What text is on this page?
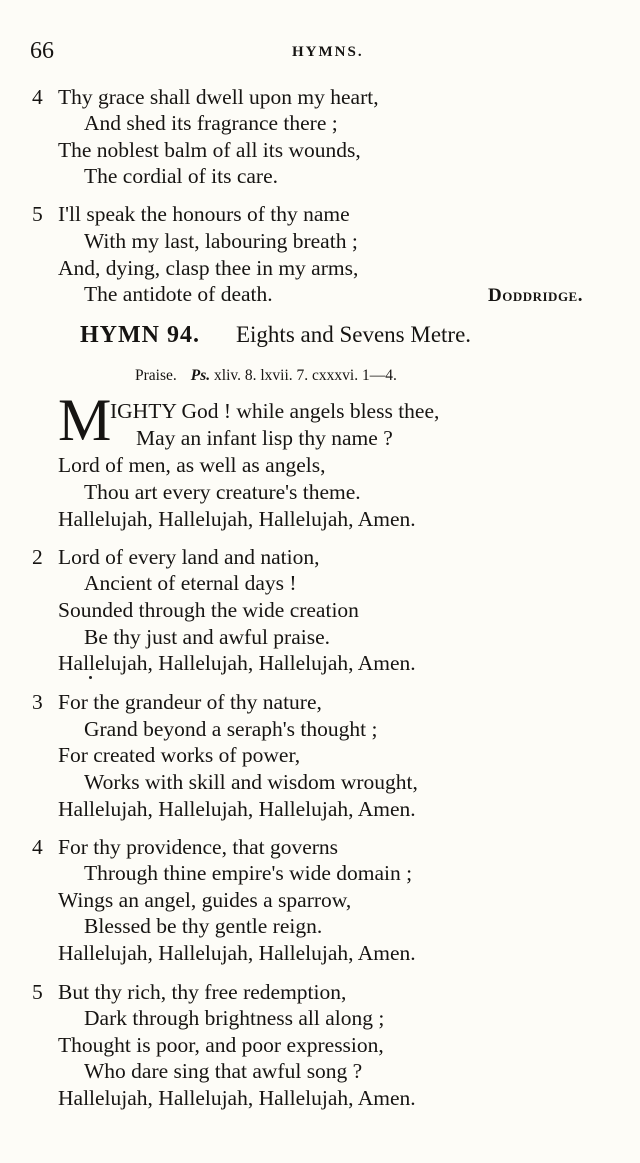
66	HYMNS.
4 Thy grace shall dwell upon my heart,
And shed its fragrance there ;
The noblest balm of all its wounds,
The cordial of its care.
5 I'll speak the honours of thy name
With my last, labouring breath ;
And, dying, clasp thee in my arms,
The antidote of death.	Doddridge.
HYMN 94. Eights and Sevens Metre.
Praise. Ps. xliv. 8. lxvii. 7. cxxxvi. 1—4.
M
IGHTY God ! while angels bless thee,
May an infant lisp thy name ?
Lord of men, as well as angels,
Thou art every creature's theme.
Hallelujah, Hallelujah, Hallelujah, Amen.
2 Lord of every land and nation,
Ancient of eternal days !
Sounded through the wide creation
Be thy just and awful praise.
Hallelujah, Hallelujah, Hallelujah, Amen.
3 For the grandeur of thy nature,
Grand beyond a seraph's thought ;
For created works of power,
Works with skill and wisdom wrought,
Hallelujah, Hallelujah, Hallelujah, Amen.
4 For thy providence, that governs
Through thine empire's wide domain ;
Wings an angel, guides a sparrow,
Blessed be thy gentle reign.
Hallelujah, Hallelujah, Hallelujah, Amen.
5 But thy rich, thy free redemption,
Dark through brightness all along ;
Thought is poor, and poor expression,
Who dare sing that awful song ?
Hallelujah, Hallelujah, Hallelujah, Amen.
